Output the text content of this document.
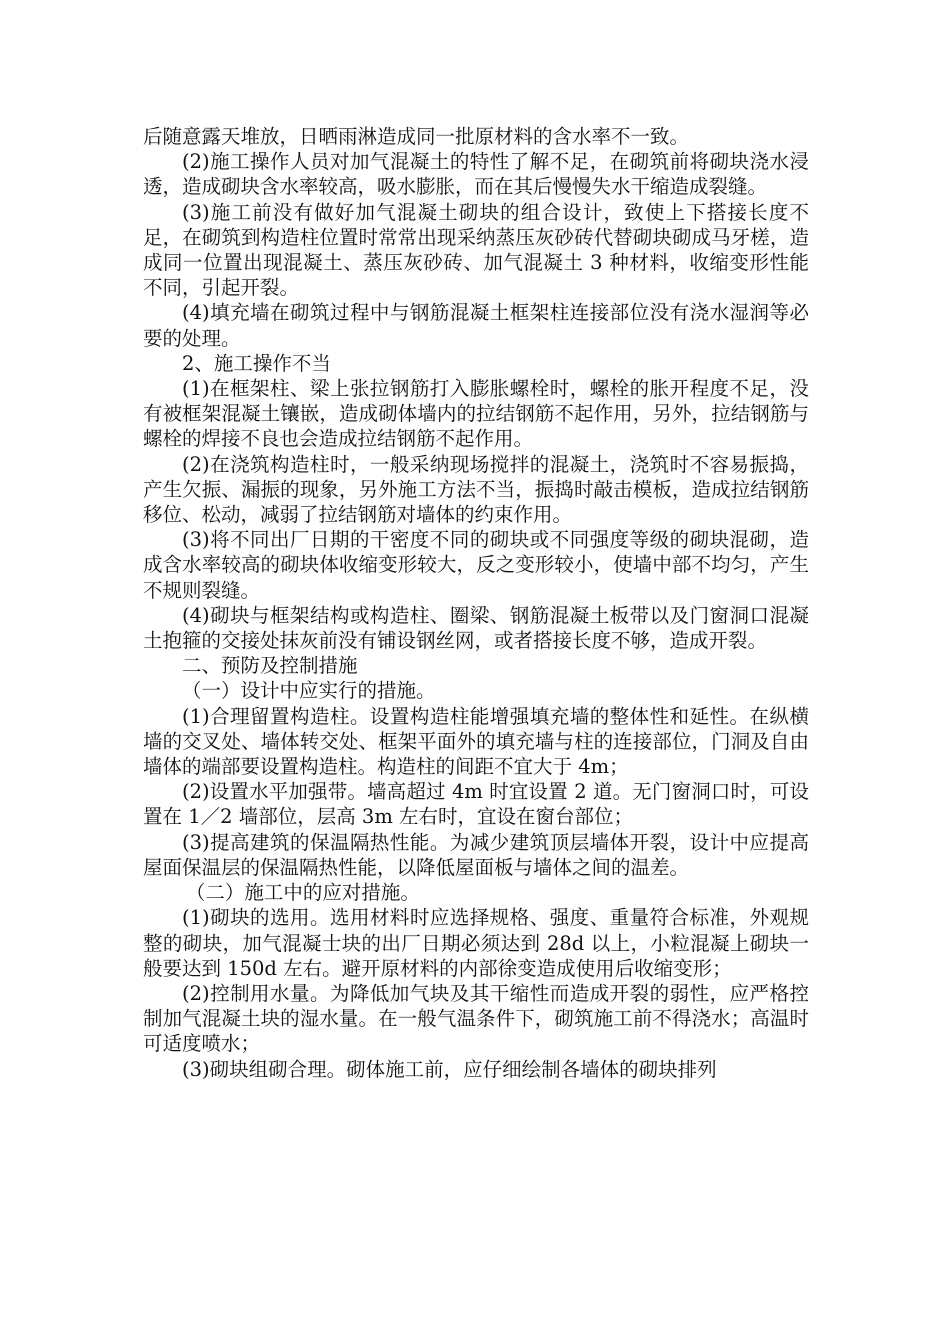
后随意露天堆放，日晒雨淋造成同一批原材料的含水率不一致。

(2)施工操作人员对加气混凝土的特性了解不足，在砌筑前将砌块浇水浸透，造成砌块含水率较高，吸水膨胀，而在其后慢慢失水干缩造成裂缝。

(3)施工前没有做好加气混凝土砌块的组合设计，致使上下搭接长度不足，在砌筑到构造柱位置时常常出现采纳蒸压灰砂砖代替砌块砌成马牙槎，造成同一位置出现混凝土、蒸压灰砂砖、加气混凝土 3 种材料，收缩变形性能不同，引起开裂。

(4)填充墙在砌筑过程中与钢筋混凝土框架柱连接部位没有浇水湿润等必要的处理。

2、施工操作不当

(1)在框架柱、梁上张拉钢筋打入膨胀螺栓时，螺栓的胀开程度不足，没有被框架混凝土镶嵌，造成砌体墙内的拉结钢筋不起作用，另外，拉结钢筋与螺栓的焊接不良也会造成拉结钢筋不起作用。

(2)在浇筑构造柱时，一般采纳现场搅拌的混凝土，浇筑时不容易振捣，产生欠振、漏振的现象，另外施工方法不当，振捣时敲击模板，造成拉结钢筋移位、松动，减弱了拉结钢筋对墙体的约束作用。

(3)将不同出厂日期的干密度不同的砌块或不同强度等级的砌块混砌，造成含水率较高的砌块体收缩变形较大，反之变形较小，使墙中部不均匀，产生不规则裂缝。

(4)砌块与框架结构或构造柱、圈梁、钢筋混凝土板带以及门窗洞口混凝土抱箍的交接处抹灰前没有铺设钢丝网，或者搭接长度不够，造成开裂。

二、预防及控制措施

（一）设计中应实行的措施。

(1)合理留置构造柱。设置构造柱能增强填充墙的整体性和延性。在纵横墙的交叉处、墙体转交处、框架平面外的填充墙与柱的连接部位，门洞及自由墙体的端部要设置构造柱。构造柱的间距不宜大于 4m；

(2)设置水平加强带。墙高超过 4m 时宜设置 2 道。无门窗洞口时，可设置在 1／2 墙部位，层高 3m 左右时，宜设在窗台部位；

(3)提高建筑的保温隔热性能。为减少建筑顶层墙体开裂，设计中应提高屋面保温层的保温隔热性能，以降低屋面板与墙体之间的温差。

（二）施工中的应对措施。

(1)砌块的选用。选用材料时应选择规格、强度、重量符合标准，外观规整的砌块，加气混凝士块的出厂日期必须达到 28d 以上，小粒混凝上砌块一般要达到 150d 左右。避开原材料的内部徐变造成使用后收缩变形；

(2)控制用水量。为降低加气块及其干缩性而造成开裂的弱性，应严格控制加气混凝土块的湿水量。在一般气温条件下，砌筑施工前不得浇水；高温时可适度喷水；

(3)砌块组砌合理。砌体施工前，应仔细绘制各墙体的砌块排列
